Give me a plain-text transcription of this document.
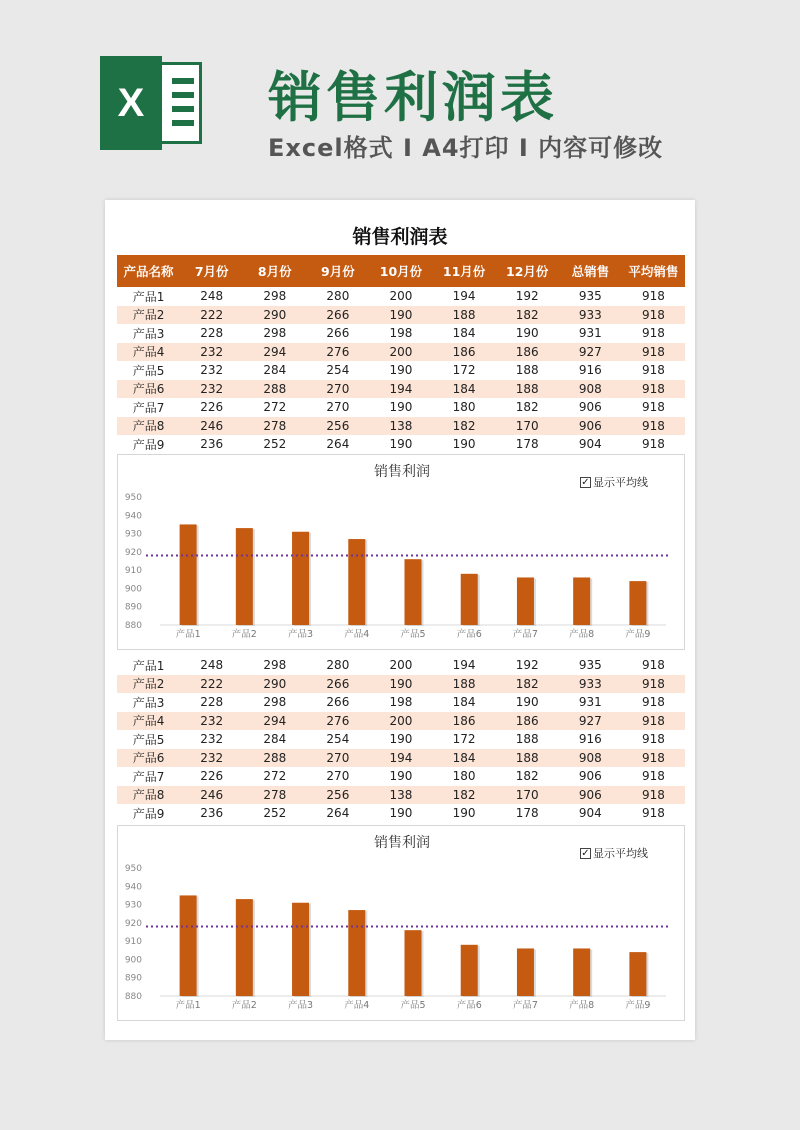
X	销售利润表
Excel格式 I A4打印 I 内容可修改
销售利润表
产品名称	7月份	8月份	9月份	10月份	11月份	12月份	总销售	平均销售
产品1	248	298	280	200	194	192	935	918
产品2	222	290	266	190	188	182	933	918
产品3	228	298	266	198	184	190	931	918
产品4	232	294	276	200	186	186	927	918
产品5	232	284	254	190	172	188	916	918
产品6	232	288	270	194	184	188	908	918
产品7	226	272	270	190	180	182	906	918
产品8	246	278	256	138	182	170	906	918
产品9	236	252	264	190	190	178	904	918
880
890
900
910
920
930
940
950
产品1	产品2	产品3	产品4	产品5	产品6	产品7	产品8	产品9
销售利润
✓ 显示平均线
产品1	248	298	280	200	194	192	935	918
产品2	222	290	266	190	188	182	933	918
产品3	228	298	266	198	184	190	931	918
产品4	232	294	276	200	186	186	927	918
产品5	232	284	254	190	172	188	916	918
产品6	232	288	270	194	184	188	908	918
产品7	226	272	270	190	180	182	906	918
产品8	246	278	256	138	182	170	906	918
产品9	236	252	264	190	190	178	904	918
880
890
900
910
920
930
940
950
产品1	产品2	产品3	产品4	产品5	产品6	产品7	产品8	产品9
销售利润
✓ 显示平均线
